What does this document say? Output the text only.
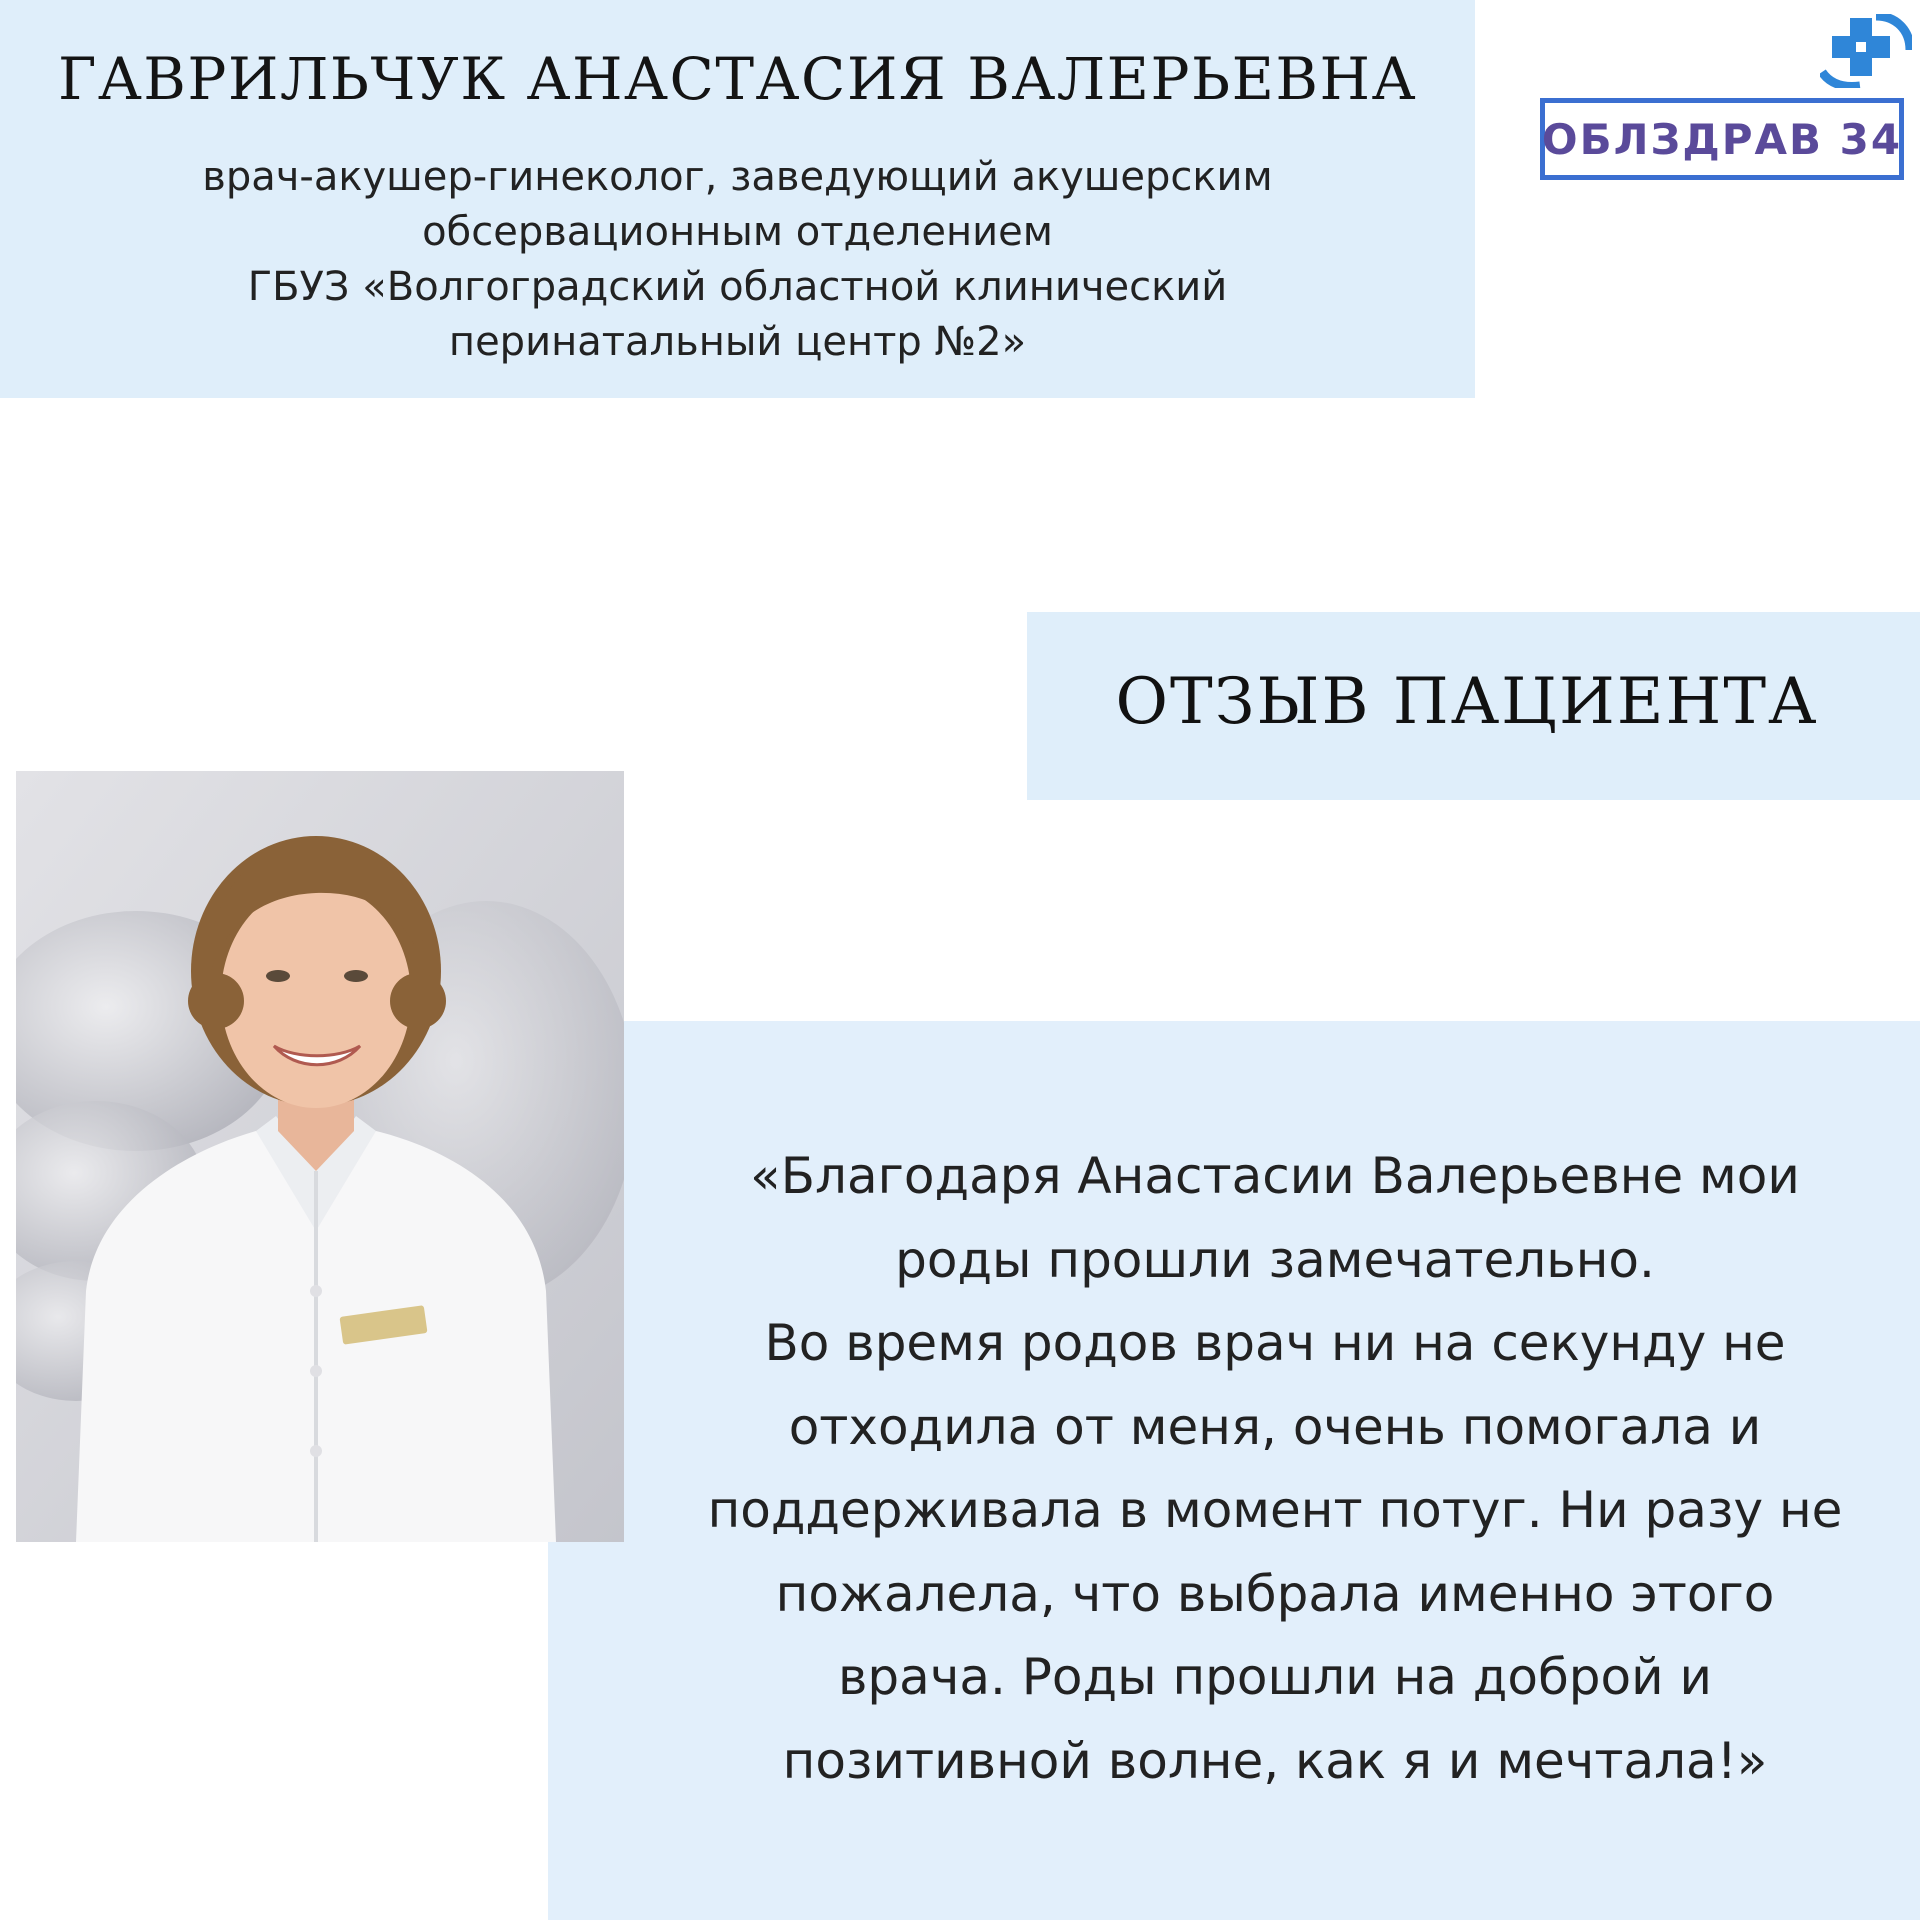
ГАВРИЛЬЧУК АНАСТАСИЯ ВАЛЕРЬЕВНА
врач-акушер-гинеколог, заведующий акушерским
обсервационным отделением
ГБУЗ «Волгоградский областной клинический
перинатальный центр №2»
ОБЛЗДРАВ 34
ОТЗЫВ ПАЦИЕНТА
«Благодаря Анастасии Валерьевне мои
роды прошли замечательно.
Во время родов врач ни на секунду не
отходила от меня, очень помогала и
поддерживала в момент потуг. Ни разу не
пожалела, что выбрала именно этого
врача. Роды прошли на доброй и
позитивной волне, как я и мечтала!»
